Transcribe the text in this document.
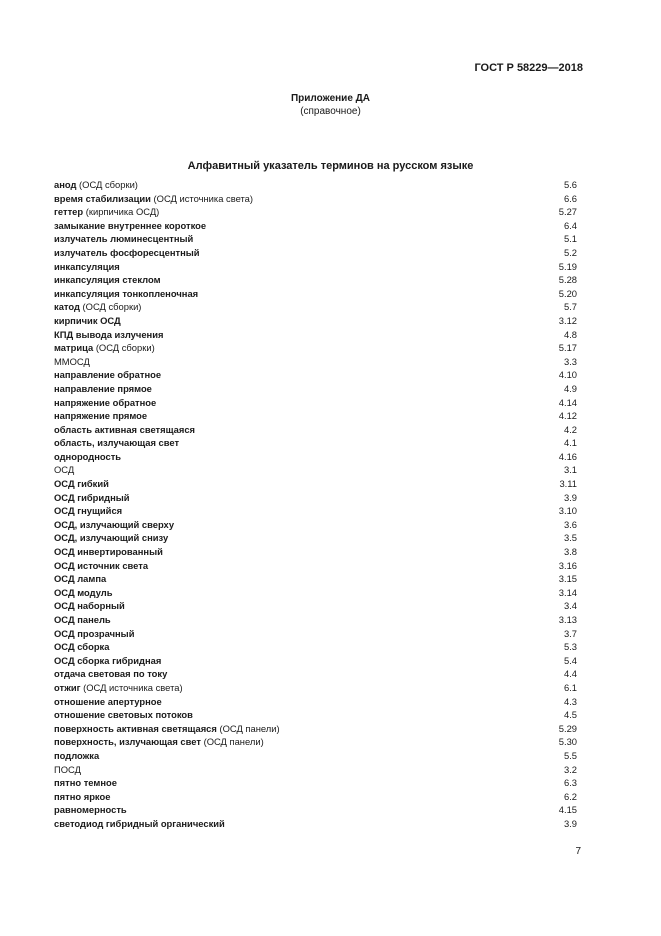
ГОСТ Р 58229—2018
Приложение ДА
(справочное)
Алфавитный указатель терминов на русском языке
анод (ОСД сборки)	5.6
время стабилизации (ОСД источника света)	6.6
геттер (кирпичика ОСД)	5.27
замыкание внутреннее короткое	6.4
излучатель люминесцентный	5.1
излучатель фосфоресцентный	5.2
инкапсуляция	5.19
инкапсуляция стеклом	5.28
инкапсуляция тонкопленочная	5.20
катод (ОСД сборки)	5.7
кирпичик ОСД	3.12
КПД вывода излучения	4.8
матрица (ОСД сборки)	5.17
ММОСД	3.3
направление обратное	4.10
направление прямое	4.9
напряжение обратное	4.14
напряжение прямое	4.12
область активная светящаяся	4.2
область, излучающая свет	4.1
однородность	4.16
ОСД	3.1
ОСД гибкий	3.11
ОСД гибридный	3.9
ОСД гнущийся	3.10
ОСД, излучающий сверху	3.6
ОСД, излучающий снизу	3.5
ОСД инвертированный	3.8
ОСД источник света	3.16
ОСД лампа	3.15
ОСД модуль	3.14
ОСД наборный	3.4
ОСД панель	3.13
ОСД прозрачный	3.7
ОСД сборка	5.3
ОСД сборка гибридная	5.4
отдача световая по току	4.4
отжиг (ОСД источника света)	6.1
отношение апертурное	4.3
отношение световых потоков	4.5
поверхность активная светящаяся (ОСД панели)	5.29
поверхность, излучающая свет (ОСД панели)	5.30
подложка	5.5
ПОСД	3.2
пятно темное	6.3
пятно яркое	6.2
равномерность	4.15
светодиод гибридный органический	3.9
7
